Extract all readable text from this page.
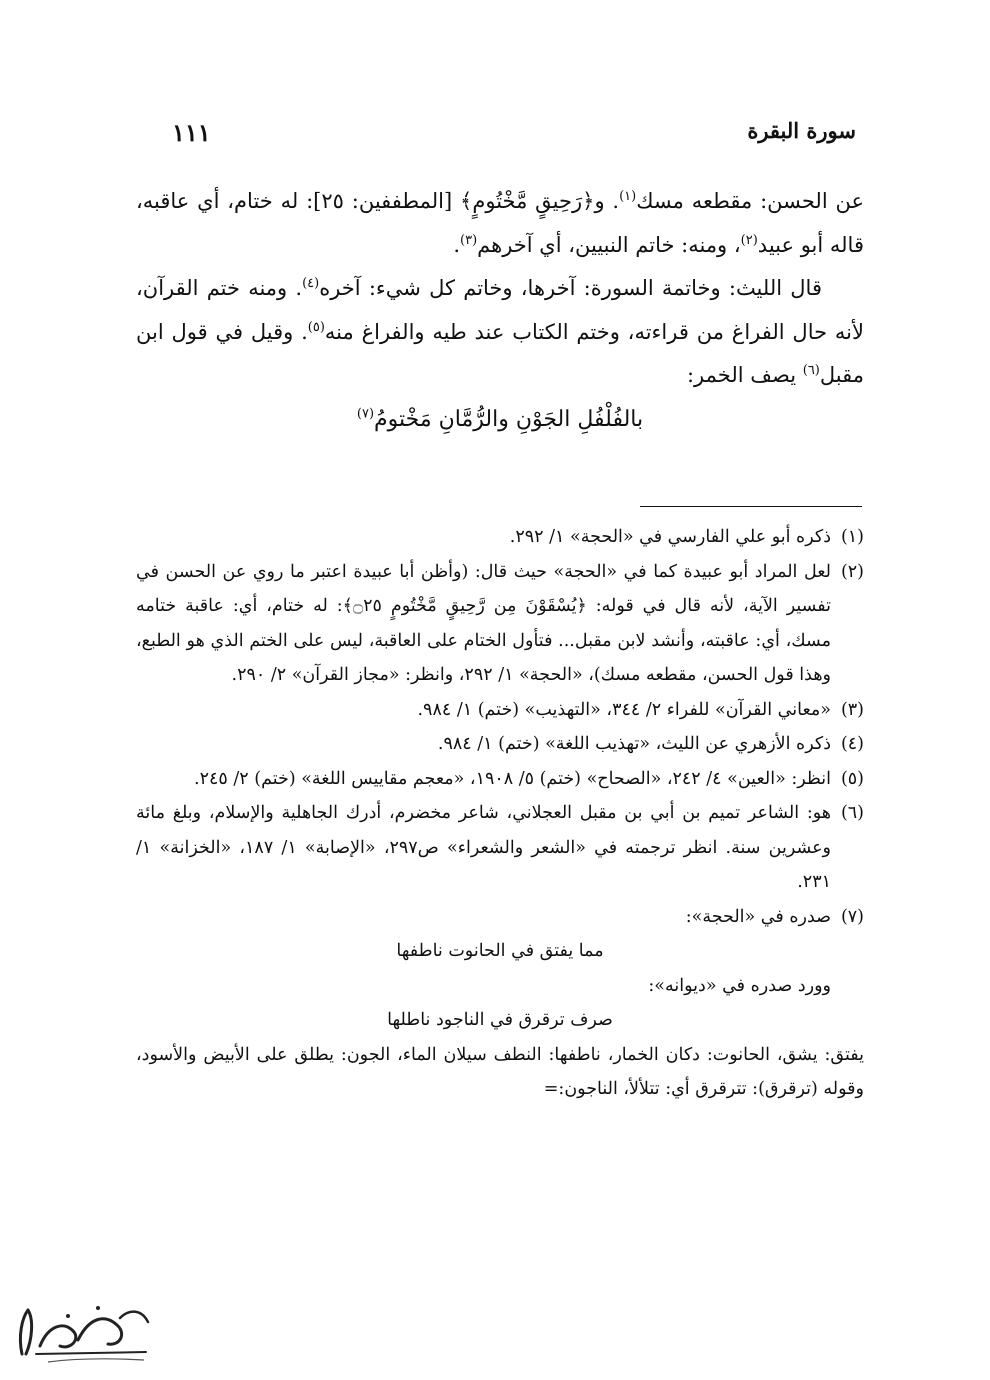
١١١	سورة البقرة

عن الحسن: مقطعه مسك$^{(١)}$. و﴿رَحِيقٍ مَّخْتُومٍ﴾ [المطففين: ٢٥]: له ختام، أي عاقبه، قاله أبو عبيد$^{(٢)}$، ومنه: خاتم النبيين، أي آخرهم$^{(٣)}$.

قال الليث: وخاتمة السورة: آخرها، وخاتم كل شيء: آخره$^{(٤)}$. ومنه ختم القرآن، لأنه حال الفراغ من قراءته، وختم الكتاب عند طيه والفراغ منه$^{(٥)}$. وقيل في قول ابن مقبل$^{(٦)}$ يصف الخمر:

بالفُلْفُلِ الجَوْنِ والرُّمَّانِ مَخْتومُ$^{(٧)}$

(١)
ذكره أبو علي الفارسي في «الحجة» ١/ ٢٩٢.

(٢)
لعل المراد أبو عبيدة كما في «الحجة» حيث قال: (وأظن أبا عبيدة اعتبر ما روي عن الحسن في تفسير الآية، لأنه قال في قوله: ﴿يُسْقَوْنَ مِن رَّحِيقٍ مَّخْتُومٍ ۝٢٥﴾: له ختام، أي: عاقبة ختامه مسك، أي: عاقبته، وأنشد لابن مقبل... فتأول الختام على العاقبة، ليس على الختم الذي هو الطبع، وهذا قول الحسن، مقطعه مسك)، «الحجة» ١/ ٢٩٢، وانظر: «مجاز القرآن» ٢/ ٢٩٠.

(٣)
«معاني القرآن» للفراء ٢/ ٣٤٤، «التهذيب» (ختم) ١/ ٩٨٤.

(٤)
ذكره الأزهري عن الليث، «تهذيب اللغة» (ختم) ١/ ٩٨٤.

(٥)
انظر: «العين» ٤/ ٢٤٢، «الصحاح» (ختم) ٥/ ١٩٠٨، «معجم مقاييس اللغة» (ختم) ٢/ ٢٤٥.

(٦)
هو: الشاعر تميم بن أبي بن مقبل العجلاني، شاعر مخضرم، أدرك الجاهلية والإسلام، وبلغ مائة وعشرين سنة. انظر ترجمته في «الشعر والشعراء» ص٢٩٧، «الإصابة» ١/ ١٨٧، «الخزانة» ١/ ٢٣١.

(٧)
صدره في «الحجة»:

مما يفتق في الحانوت ناطفها

وورد صدره في «ديوانه»:

صرف ترقرق في الناجود ناطلها

يفتق: يشق، الحانوت: دكان الخمار، ناطفها: النطف سيلان الماء، الجون: يطلق على الأبيض والأسود، وقوله (ترقرق): تترقرق أي: تتلألأ، الناجون:=
